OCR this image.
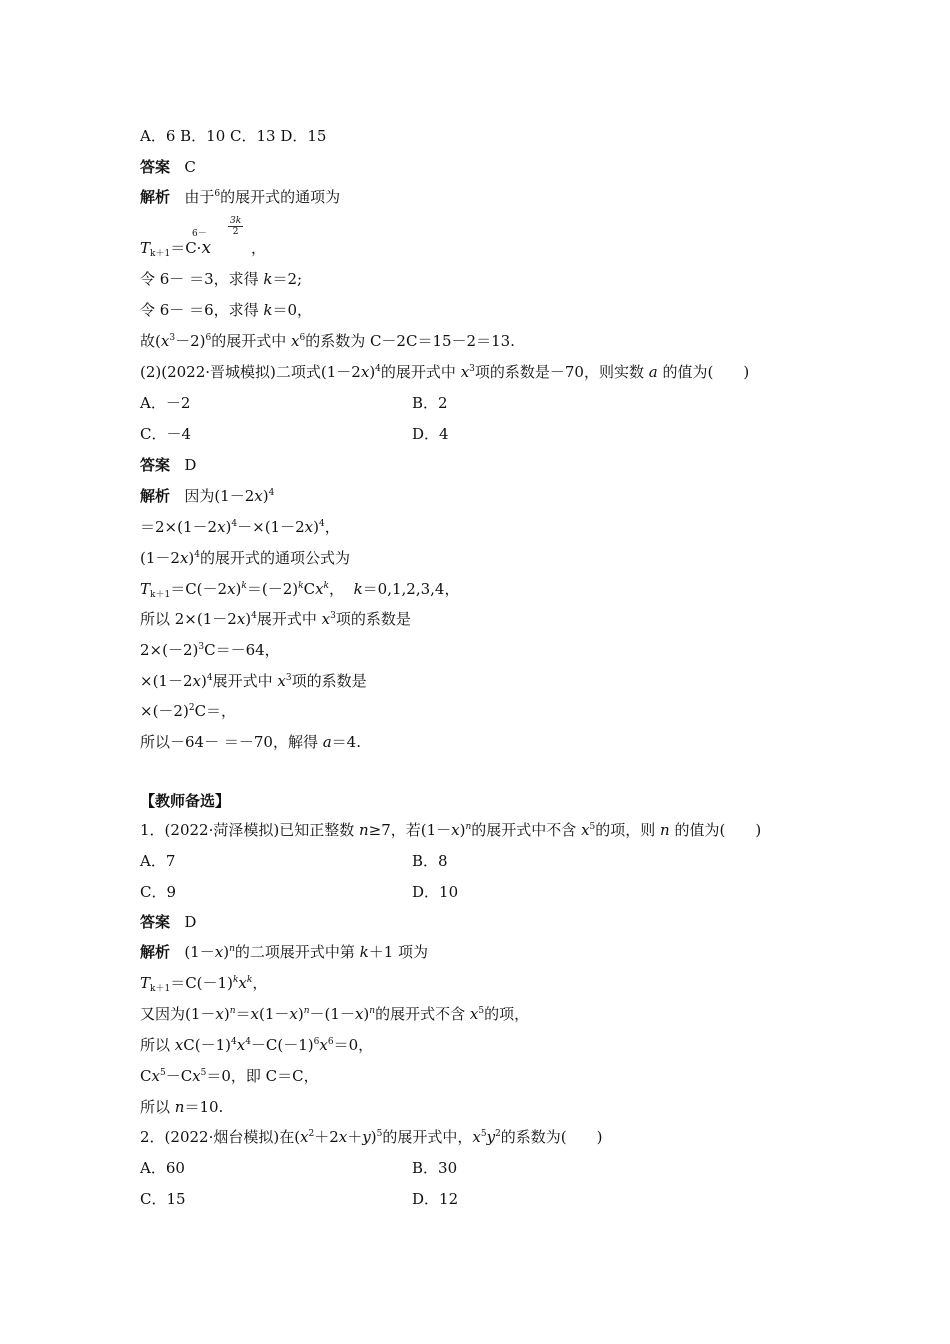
A．6 B．10 C．13 D．15
答案 C
解析 由于$^6$的展开式的通项为
$T_{k+1}=C\cdot x$	，
$6- \frac{3k}{2}$
令 6－ ＝3，求得 k＝2;
令 6－ ＝6，求得 k＝0，
故$(x^3-2)^6$的展开式中 $x^6$的系数为 C－2C＝15－2＝13.
(2)(2022·晋城模拟)二项式$(1-2x)^4$的展开式中 $x^3$项的系数是－70，则实数 a 的值为(　　)
A．－2	B．2
C．－4	D．4
答案 D
解析 因为$(1-2x)^4$
$=2\times(1-2x)^4-\times(1-2x)^4$，
$(1-2x)^4$的展开式的通项公式为
$T_{k+1}=C(-2x)^k=(-2)^kCx^k$， k＝0,1,2,3,4，
所以 $2\times(1-2x)^4$展开式中 $x^3$项的系数是
$2\times(-2)^3C=-64$，
$\times(1-2x)^4$展开式中 $x^3$项的系数是
$\times(-2)^2C=$，
所以－64－ ＝－70，解得 a＝4.
【教师备选】
1．(2022·菏泽模拟)已知正整数 n≥7，若$(1-x)^n$的展开式中不含 $x^5$的项，则 n 的值为(　　)
A．7	B．8
C．9	D．10
答案 D
解析 $(1-x)^n$的二项展开式中第 k＋1 项为
$T_{k+1}=C(-1)^kx^k$，
又因为$(1-x)^n=x(1-x)^n-(1-x)^n$的展开式不含 $x^5$的项，
所以 $xC(-1)^4x^4-C(-1)^6x^6=0$，
$Cx^5-Cx^5=0$，即 C＝C，
所以 n＝10.
2．(2022·烟台模拟)在$(x^2+2x+y)^5$的展开式中，$x^5y^2$的系数为(　　)
A．60	B．30
C．15	D．12
